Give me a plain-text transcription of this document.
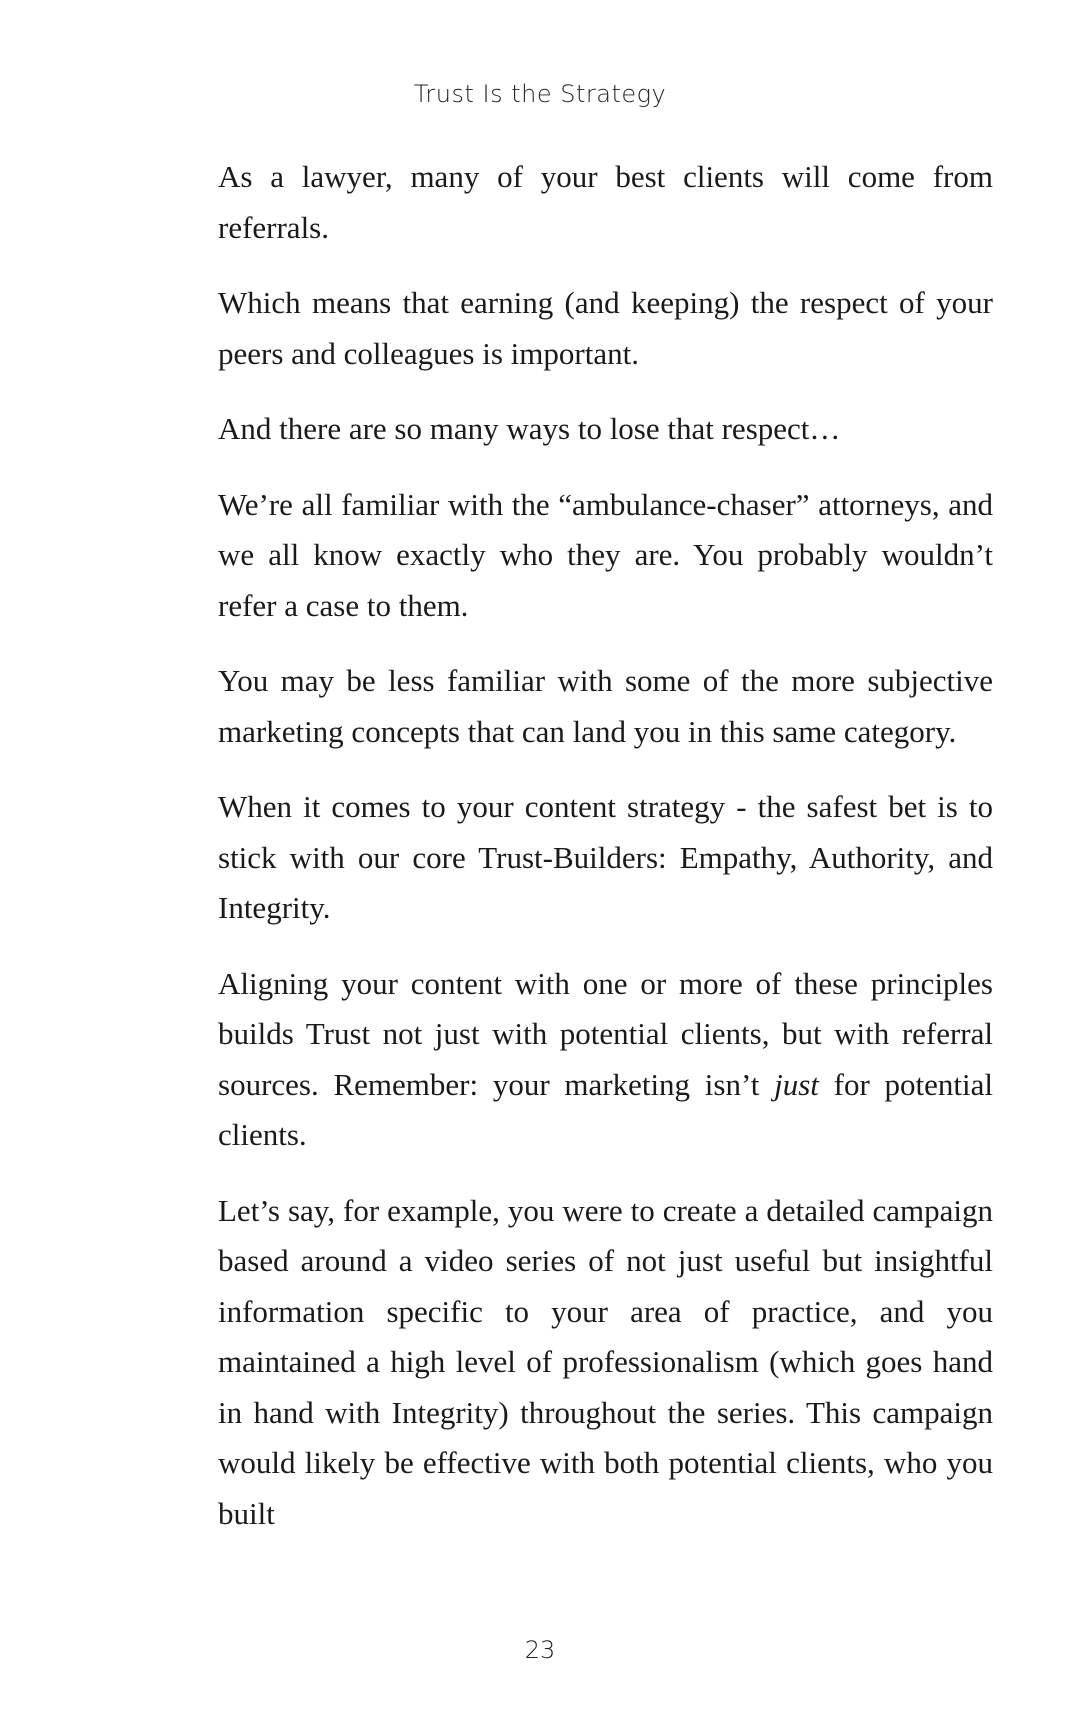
Trust Is the Strategy

As a lawyer, many of your best clients will come from referrals.

Which means that earning (and keeping) the respect of your peers and colleagues is important.

And there are so many ways to lose that respect…

We’re all familiar with the “ambulance-chaser” attorneys, and we all know exactly who they are. You probably wouldn’t refer a case to them.

You may be less familiar with some of the more subjective marketing concepts that can land you in this same category.

When it comes to your content strategy - the safest bet is to stick with our core Trust-Builders: Empathy, Authority, and Integrity.

Aligning your content with one or more of these principles builds Trust not just with potential clients, but with referral sources. Remember: your marketing isn’t just for potential clients.

Let’s say, for example, you were to create a detailed campaign based around a video series of not just useful but insightful information specific to your area of practice, and you maintained a high level of professionalism (which goes hand in hand with Integrity) throughout the series. This campaign would likely be effective with both potential clients, who you built

23
